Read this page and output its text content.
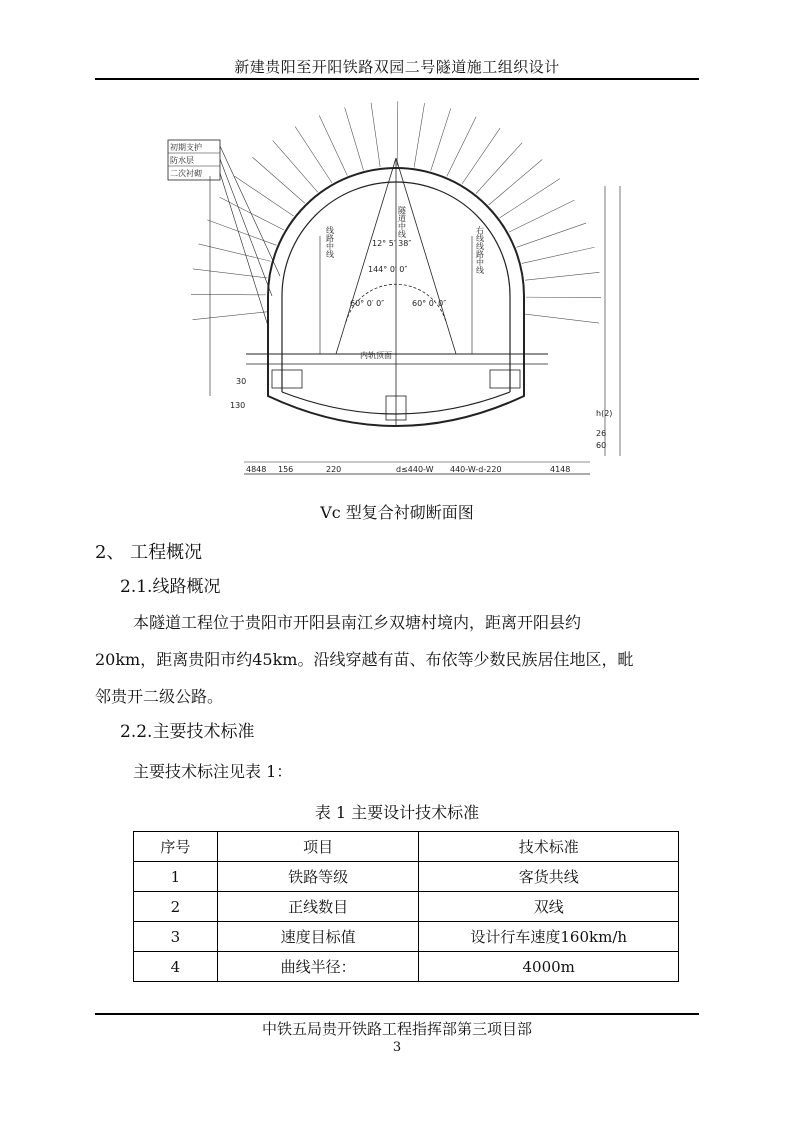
新建贵阳至开阳铁路双园二号隧道施工组织设计
初期支护
防水层
二次衬砌
144° 0′ 0″
60° 0′ 0″	60° 0′ 0″
12° 5′ 38″
内轨顶面
4848 156	220	d≤440-W 440-W-d-220	4148
130
30
h(2)
26
60
线路中线
隧道中线
右线线路中线
Vc 型复合衬砌断面图
2、 工程概况
2.1.线路概况
本隧道工程位于贵阳市开阳县南江乡双塘村境内，距离开阳县约
20km，距离贵阳市约45km。沿线穿越有苗、布依等少数民族居住地区，毗
邻贵开二级公路。
2.2.主要技术标准
主要技术标注见表 1：
表 1 主要设计技术标准
序号	项目	技术标准
1	铁路等级	客货共线
2	正线数目	双线
3	速度目标值	设计行车速度160km/h
4	曲线半径：	4000m
中铁五局贵开铁路工程指挥部第三项目部
3
